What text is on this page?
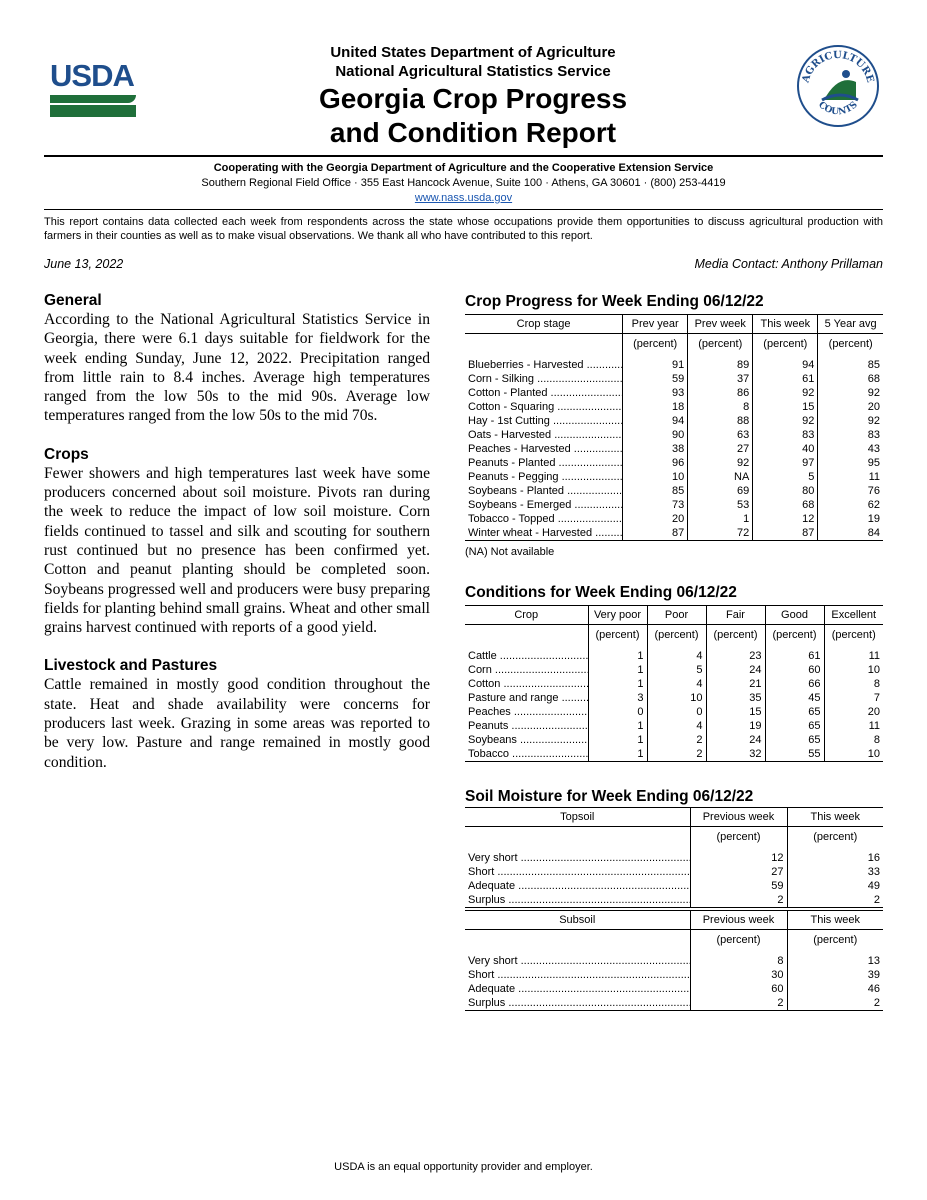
USDA	AGRICULTURE
COUNTS
United States Department of Agriculture
National Agricultural Statistics Service
Georgia Crop Progress
and Condition Report
Cooperating with the Georgia Department of Agriculture and the Cooperative Extension Service
Southern Regional Field Office · 355 East Hancock Avenue, Suite 100 · Athens, GA 30601 · (800) 253-4419
www.nass.usda.gov
This report contains data collected each week from respondents across the state whose occupations provide them opportunities to discuss agricultural production with farmers in their counties as well as to make visual observations. We thank all who have contributed to this report.
June 13, 2022	Media Contact: Anthony Prillaman
General

According to the National Agricultural Statistics Service in Georgia, there were 6.1 days suitable for fieldwork for the week ending Sunday, June 12, 2022. Precipitation ranged from little rain to 8.4 inches. Average high temperatures ranged from the low 50s to the mid 90s. Average low temperatures ranged from the low 50s to the mid 70s.

Crops

Fewer showers and high temperatures last week have some producers concerned about soil moisture. Pivots ran during the week to reduce the impact of low soil moisture. Corn fields continued to tassel and silk and scouting for southern rust continued but no presence has been confirmed yet. Cotton and peanut planting should be completed soon. Soybeans progressed well and producers were busy preparing fields for planting behind small grains. Wheat and other small grains harvest continued with reports of a good yield.

Livestock and Pastures

Cattle remained in mostly good condition throughout the state. Heat and shade availability were concerns for producers last week. Grazing in some areas was reported to be very low. Pasture and range remained in mostly good condition.

Crop Progress for Week Ending 06/12/22
Crop stage	Prev year	Prev week	This week	5 Year avg
	(percent)	(percent)	(percent)	(percent)
Blueberries - Harvested .....	91	89	94	85
Corn - Silking .....	59	37	61	68
Cotton - Planted .....	93	86	92	92
Cotton - Squaring .....	18	8	15	20
Hay - 1st Cutting .....	94	88	92	92
Oats - Harvested .....	90	63	83	83
Peaches - Harvested .....	38	27	40	43
Peanuts - Planted .....	96	92	97	95
Peanuts - Pegging .....	10	NA	5	11
Soybeans - Planted .....	85	69	80	76
Soybeans - Emerged .....	73	53	68	62
Tobacco - Topped .....	20	1	12	19
Winter wheat - Harvested .....	87	72	87	84
(NA) Not available
Conditions for Week Ending 06/12/22
Crop	Very poor	Poor	Fair	Good	Excellent
	(percent)	(percent)	(percent)	(percent)	(percent)
Cattle .....	1	4	23	61	11
Corn .....	1	5	24	60	10
Cotton .....	1	4	21	66	8
Pasture and range .....	3	10	35	45	7
Peaches .....	0	0	15	65	20
Peanuts .....	1	4	19	65	11
Soybeans .....	1	2	24	65	8
Tobacco .....	1	2	32	55	10
Soil Moisture for Week Ending 06/12/22
Topsoil	Previous week	This week
	(percent)	(percent)
Very short .....	12	16
Short .....	27	33
Adequate .....	59	49
Surplus .....	2	2
Subsoil	Previous week	This week
	(percent)	(percent)
Very short .....	8	13
Short .....	30	39
Adequate .....	60	46
Surplus .....	2	2
USDA is an equal opportunity provider and employer.
